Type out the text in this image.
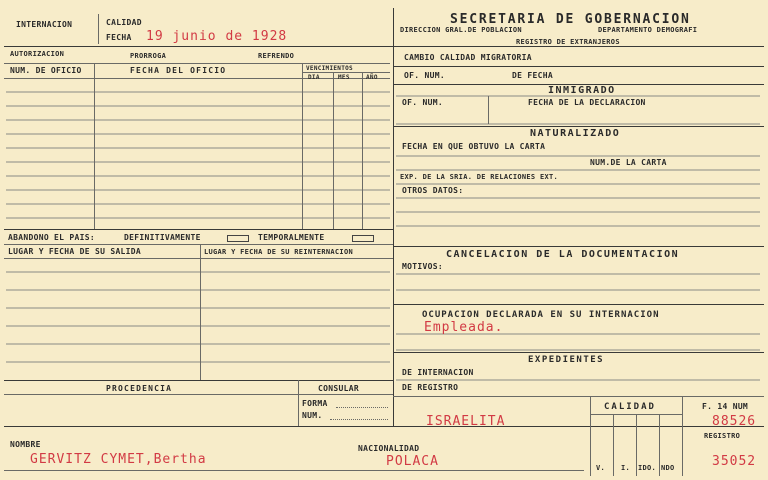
INTERNACION	CALIDAD
FECHA 19 junio de 1928
SECRETARIA DE GOBERNACION
DIRECCION GRAL.DE POBLACION	DEPARTAMENTO DEMOGRAFI
REGISTRO DE EXTRANJEROS
AUTORIZACION	PRORROGA	REFRENDO
NUM. DE OFICIO	FECHA DEL OFICIO	VENCIMIENTOS
DIA	MES	AÑO
ABANDONO EL PAIS:	DEFINITIVAMENTE	TEMPORALMENTE
LUGAR Y FECHA DE SU SALIDA	LUGAR Y FECHA DE SU REINTERNACION
PROCEDENCIA	CONSULAR
FORMA
NUM.
CAMBIO CALIDAD MIGRATORIA
OF. NUM.	DE FECHA
INMIGRADO
OF. NUM.	FECHA DE LA DECLARACION
NATURALIZADO
FECHA EN QUE OBTUVO LA CARTA
NUM.DE LA CARTA
EXP. DE LA SRIA. DE RELACIONES EXT.
OTROS DATOS:
CANCELACION DE LA DOCUMENTACION
MOTIVOS:
OCUPACION DECLARADA EN SU INTERNACION
Empleada.
EXPEDIENTES
DE INTERNACION
DE REGISTRO
ISRAELITA
CALIDAD
V. I. IDO. NDO
F. 14 NUM
88526
REGISTRO
35052
NOMBRE
GERVITZ CYMET,Bertha
NACIONALIDAD
POLACA
